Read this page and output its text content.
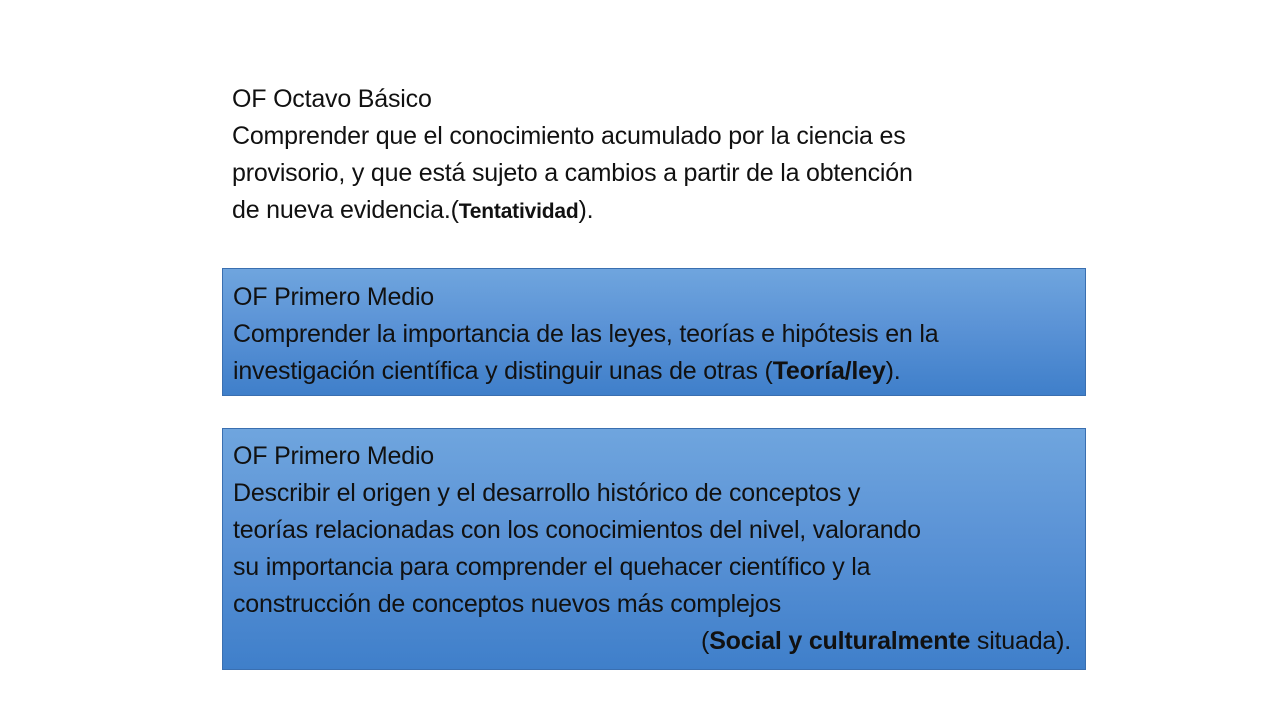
OF Octavo Básico

Comprender que el conocimiento acumulado por la ciencia es

provisorio, y que está sujeto a cambios a partir de la obtención

de nueva evidencia.(Tentatividad).

OF Primero Medio

Comprender la importancia de las leyes, teorías e hipótesis en la

investigación científica y distinguir unas de otras (Teoría/ley).

OF Primero Medio

Describir el origen y el desarrollo histórico de conceptos y

teorías relacionadas con los conocimientos del nivel, valorando

su importancia para comprender el quehacer científico y la

construcción de conceptos nuevos más complejos

(Social y culturalmente situada).
